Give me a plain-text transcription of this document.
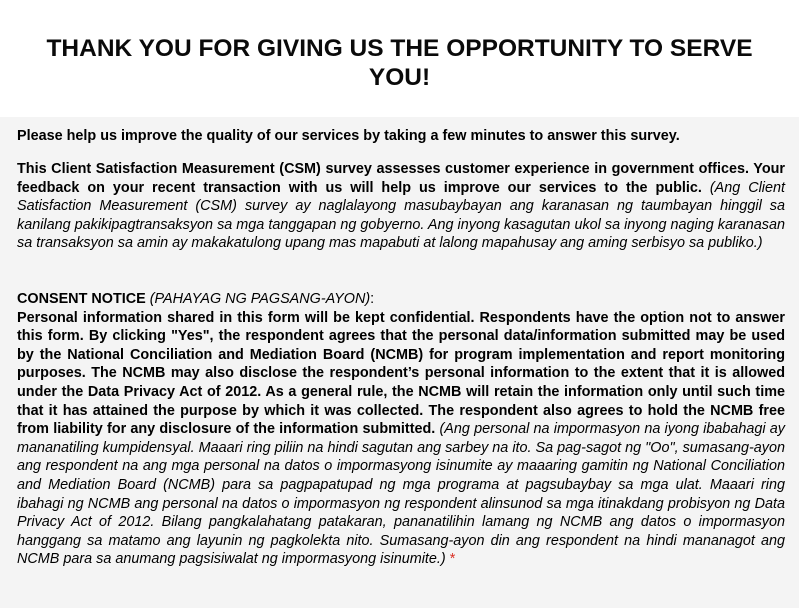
THANK YOU FOR GIVING US THE OPPORTUNITY TO SERVE YOU!

Please help us improve the quality of our services by taking a few minutes to answer this survey.

This Client Satisfaction Measurement (CSM) survey assesses customer experience in government offices. Your feedback on your recent transaction with us will help us improve our services to the public. (Ang Client Satisfaction Measurement (CSM) survey ay naglalayong masubaybayan ang karanasan ng taumbayan hinggil sa kanilang pakikipagtransaksyon sa mga tanggapan ng gobyerno. Ang inyong kasagutan ukol sa inyong naging karanasan sa transaksyon sa amin ay makakatulong upang mas mapabuti at lalong mapahusay ang aming serbisyo sa publiko.)

CONSENT NOTICE (PAHAYAG NG PAGSANG-AYON):
Personal information shared in this form will be kept confidential. Respondents have the option not to answer this form. By clicking "Yes", the respondent agrees that the personal data/information submitted may be used by the National Conciliation and Mediation Board (NCMB) for program implementation and report monitoring purposes. The NCMB may also disclose the respondent’s personal information to the extent that it is allowed under the Data Privacy Act of 2012. As a general rule, the NCMB will retain the information only until such time that it has attained the purpose by which it was collected. The respondent also agrees to hold the NCMB free from liability for any disclosure of the information submitted. (Ang personal na impormasyon na iyong ibabahagi ay mananatiling kumpidensyal. Maaari ring piliin na hindi sagutan ang sarbey na ito. Sa pag-sagot ng "Oo", sumasang-ayon ang respondent na ang mga personal na datos o impormasyong isinumite ay maaaring gamitin ng National Conciliation and Mediation Board (NCMB) para sa pagpapatupad ng mga programa at pagsubaybay sa mga ulat. Maaari ring ibahagi ng NCMB ang personal na datos o impormasyon ng respondent alinsunod sa mga itinakdang probisyon ng Data Privacy Act of 2012. Bilang pangkalahatang patakaran, pananatilihin lamang ng NCMB ang datos o impormasyon hanggang sa matamo ang layunin ng pagkolekta nito. Sumasang-ayon din ang respondent na hindi mananagot ang NCMB para sa anumang pagsisiwalat ng impormasyong isinumite.) *
